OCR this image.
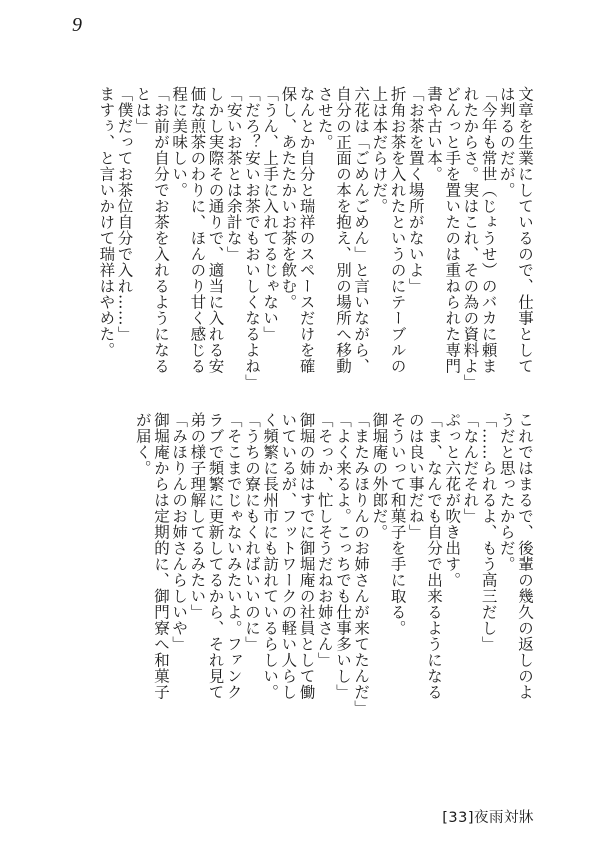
9

文章を生業にしているので、仕事としては判るのだが。

「今年も常世（じょうせ）のバカに頼まれたからさ。実はこれ、その為の資料よ」

どんっと手を置いたのは重ねられた専門書や古い本。

「お茶を置く場所がないよ」

折角お茶を入れたというのにテーブルの上は本だらけだ。

六花は「ごめんごめん」と言いながら、自分の正面の本を抱え、別の場所へ移動させた。

なんとか自分と瑞祥のスペースだけを確保し、あたたかいお茶を飲む。

「うん、上手に入れてるじゃない」

「だろ？安いお茶でもおいしくなるよね」

「安いお茶とは余計な」

しかし実際その通りで、適当に入れる安価な煎茶のわりに、ほんのり甘く感じる程に美味しい。

「お前が自分でお茶を入れるようになるとは」

「僕だってお茶位自分で入れ……」

ますぅ、と言いかけて瑞祥はやめた。

これではまるで、後輩の幾久の返しのようだと思ったからだ。

「……られるよ、もう高三だし」

「なんだそれ」

ぷっと六花が吹き出す。

「ま、なんでも自分で出来るようになるのは良い事だね」

そういって和菓子を手に取る。

御堀庵の外郎だ。

「またみほりんのお姉さんが来てたんだ」

「よく来るよ。こっちでも仕事多いし」

「そっか、忙しそうだねお姉さん」

御堀の姉はすでに御堀庵の社員として働いているが、フットワークの軽い人らしく頻繁に長州市にも訪れているらしい。

「うちの寮にもくればいいのに」

「そこまでじゃないみたいよ。ファンクラブで頻繁に更新してるから、それ見て弟の様子理解してるみたい」

「みほりんのお姉さんらしいや」

御堀庵からは定期的に、御門寮へ和菓子が届く。

[33]夜雨対牀
